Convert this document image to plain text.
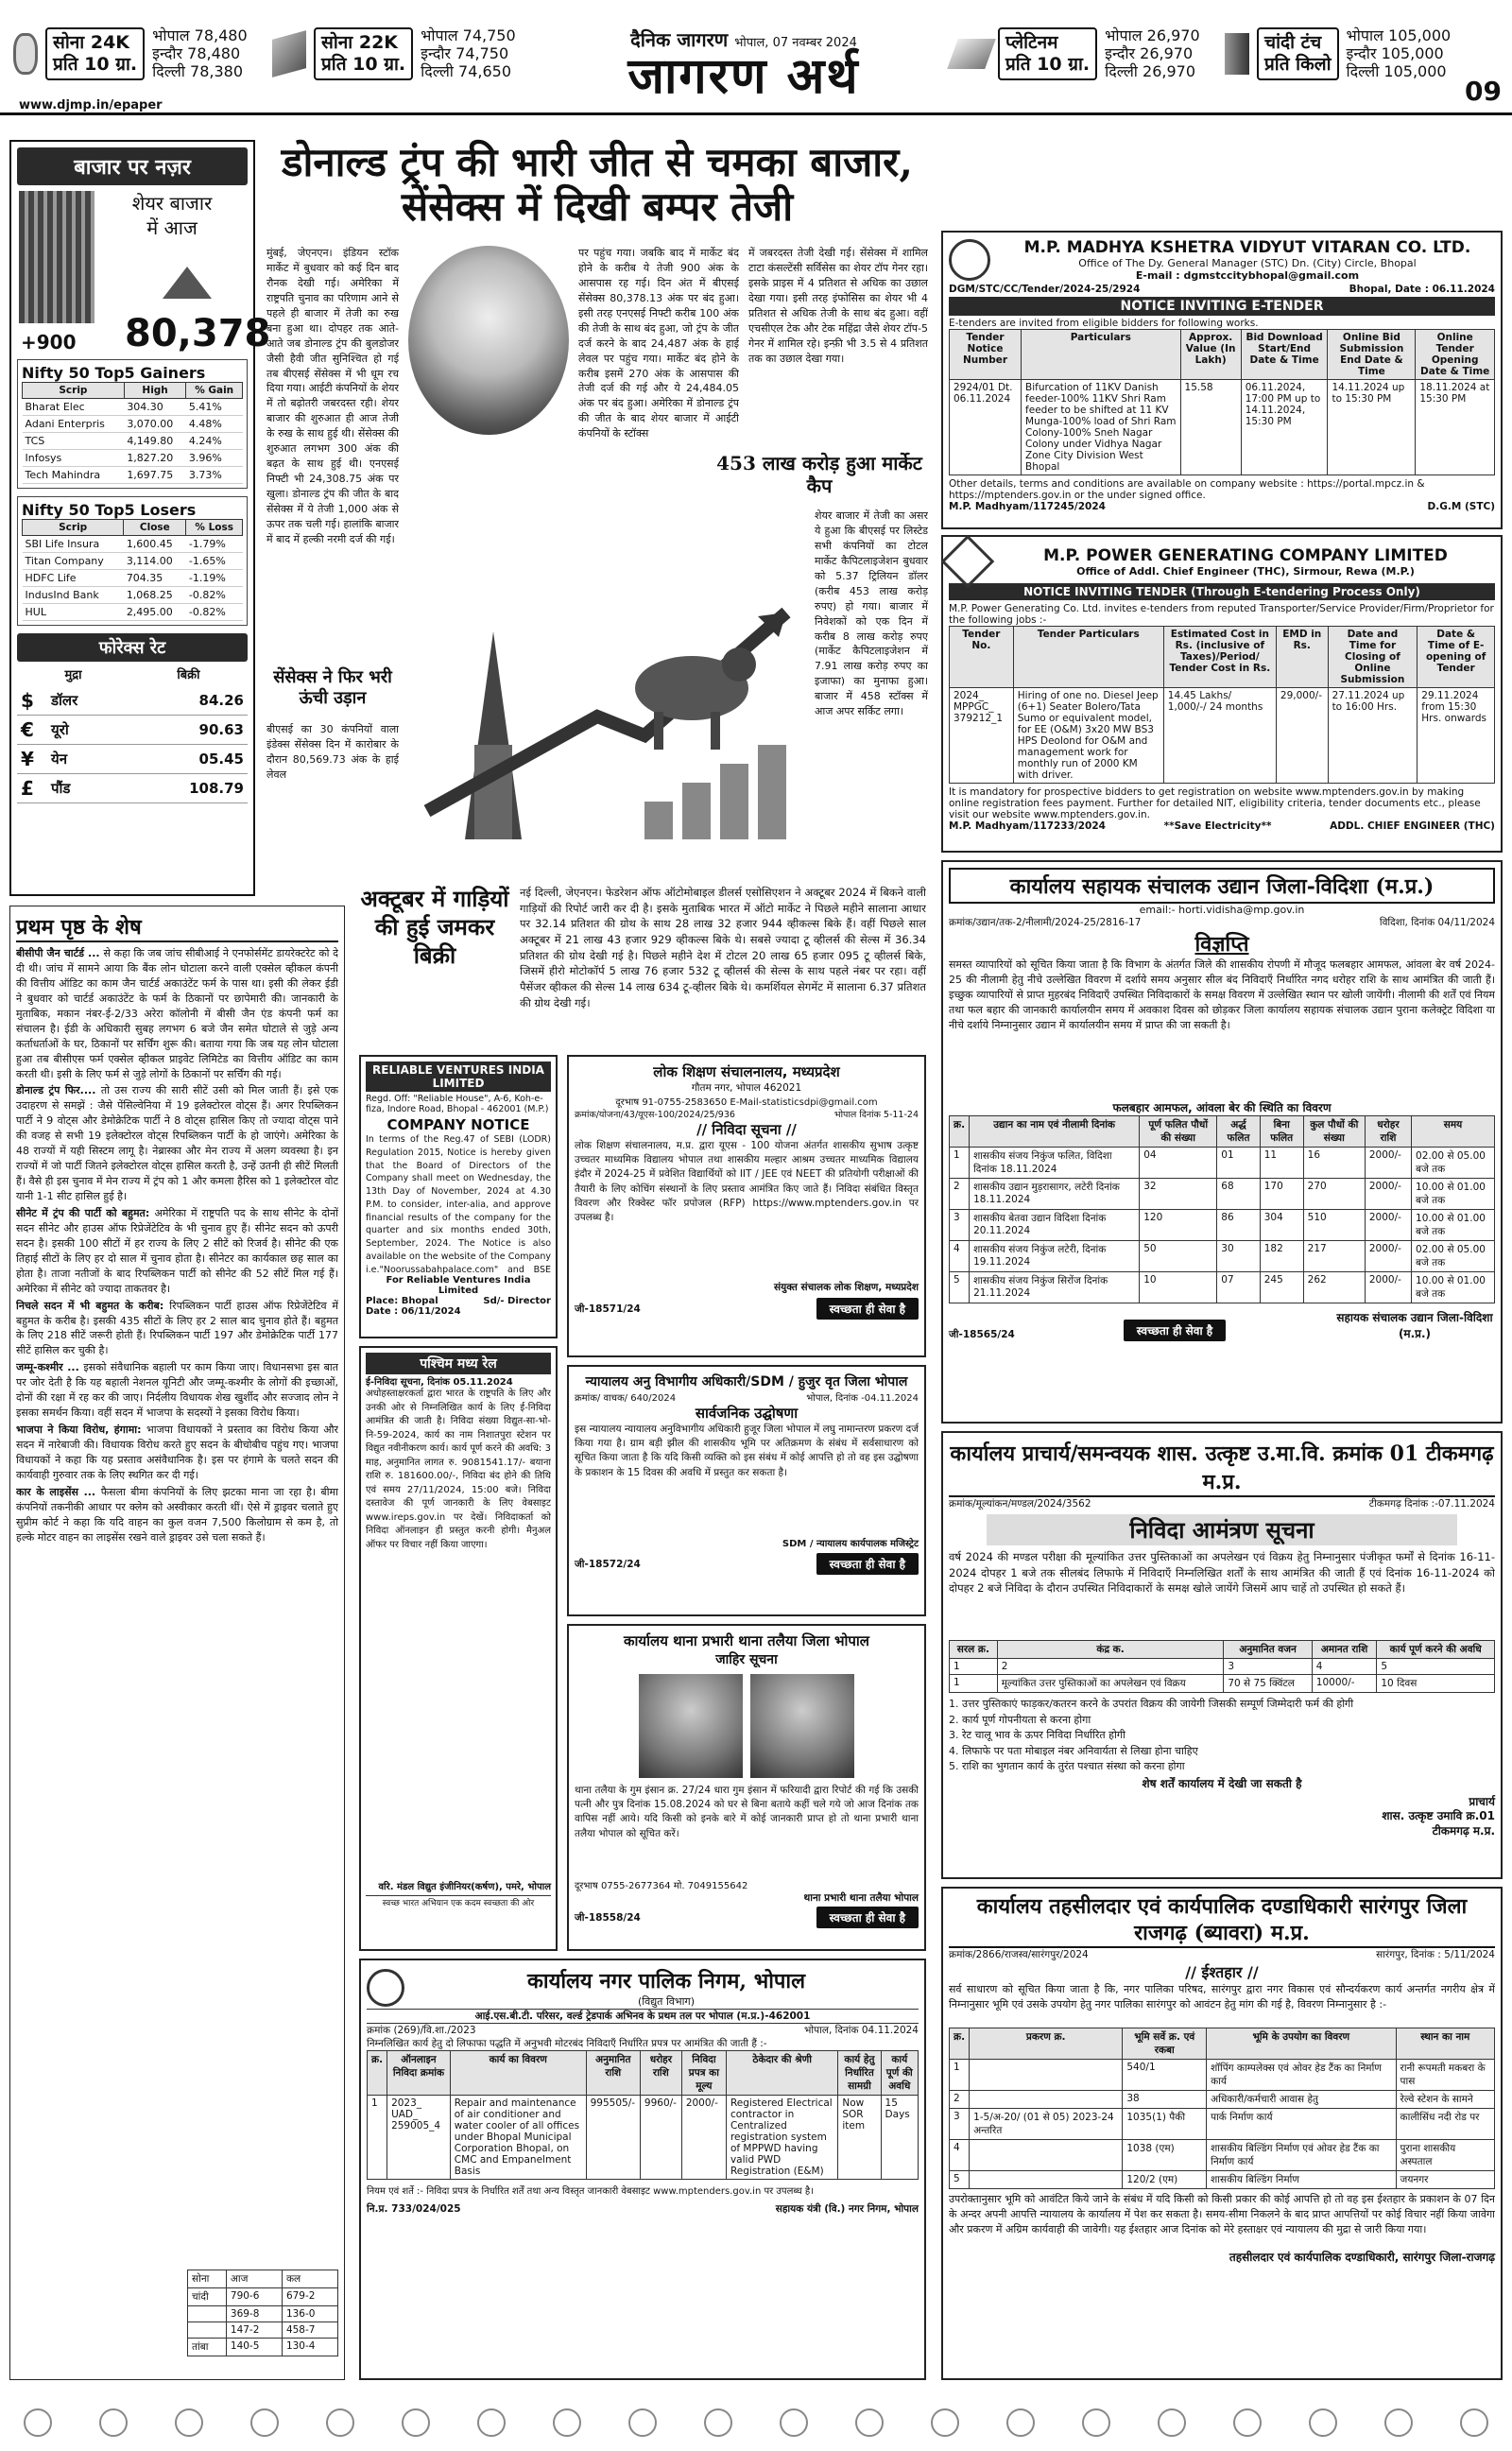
सोना 24K
प्रति 10 ग्रा.
भोपाल 78,480
इन्दौर 78,480
दिल्ली 78,380
सोना 22K
प्रति 10 ग्रा.
भोपाल 74,750
इन्दौर 74,750
दिल्ली 74,650
दैनिक जागरण भोपाल, 07 नवम्बर 2024
जागरण अर्थ
प्लेटिनम
प्रति 10 ग्रा.
भोपाल 26,970
इन्दौर 26,970
दिल्ली 26,970
चांदी टंच
प्रति किलो
भोपाल 105,000
इन्दौर 105,000
दिल्ली 105,000
www.djmp.in/epaper	09
बाजार पर नज़र
शेयर बाजार
में आज
+900 80,378
Nifty 50 Top5 Gainers
Scrip	High	% Gain
Bharat Elec	304.30	5.41%
Adani Enterpris	3,070.00	4.48%
TCS	4,149.80	4.24%
Infosys	1,827.20	3.96%
Tech Mahindra	1,697.75	3.73%
Nifty 50 Top5 Losers
Scrip	Close	% Loss
SBI Life Insura	1,600.45	-1.79%
Titan Company	3,114.00	-1.65%
HDFC Life	704.35	-1.19%
IndusInd Bank	1,068.25	-0.82%
HUL	2,495.00	-0.82%
फोरेक्स रेट
मुद्रा	बिक्री
$	डॉलर	84.26
€	यूरो	90.63
¥	येन	05.45
£	पौंड	108.79
डोनाल्ड ट्रंप की भारी जीत से चमका बाजार, सेंसेक्स में दिखी बम्पर तेजी
मुंबई, जेएनएन। इंडियन स्टॉक मार्केट में बुधवार को कई दिन बाद रौनक देखी गई। अमेरिका में राष्ट्रपति चुनाव का परिणाम आने से पहले ही बाजार में तेजी का रुख बना हुआ था। दोपहर तक आते-आते जब डोनाल्ड ट्रंप की बुलडोजर जैसी हैवी जीत सुनिश्चित हो गई तब बीएसई सेंसेक्स में भी धूम रच दिया गया। आईटी कंपनियों के शेयर में तो बढ़ोतरी जबरदस्त रही। शेयर बाजार की शुरुआत ही आज तेजी के रुख के साथ हुई थी। सेंसेक्स की शुरुआत लगभग 300 अंक की बढ़त के साथ हुई थी। एनएसई निफ्टी भी 24,308.75 अंक पर खुला। डोनाल्ड ट्रंप की जीत के बाद सेंसेक्स में ये तेजी 1,000 अंक से ऊपर तक चली गई। हालांकि बाजार में बाद में हल्की नरमी दर्ज की गई।
सेंसेक्स ने फिर भरी ऊंची उड़ान
बीएसई का 30 कंपनियों वाला इंडेक्स सेंसेक्स दिन में कारोबार के दौरान 80,569.73 अंक के हाई लेवल
पर पहुंच गया। जबकि बाद में मार्केट बंद होने के करीब ये तेजी 900 अंक के आसपास रह गई। दिन अंत में बीएसई सेंसेक्स 80,378.13 अंक पर बंद हुआ। इसी तरह एनएसई निफ्टी करीब 100 अंक की तेजी के साथ बंद हुआ, जो ट्रंप के जीत दर्ज करने के बाद 24,487 अंक के हाई लेवल पर पहुंच गया। मार्केट बंद होने के करीब इसमें 270 अंक के आसपास की तेजी दर्ज की गई और ये 24,484.05 अंक पर बंद हुआ। अमेरिका में डोनाल्ड ट्रंप की जीत के बाद शेयर बाजार में आईटी कंपनियों के स्टॉक्स
में जबरदस्त तेजी देखी गई। सेंसेक्स में शामिल टाटा कंसल्टेंसी सर्विसेस का शेयर टॉप गेनर रहा। इसके प्राइस में 4 प्रतिशत से अधिक का उछाल देखा गया। इसी तरह इंफोसिस का शेयर भी 4 प्रतिशत से अधिक तेजी के साथ बंद हुआ। वहीं एचसीएल टेक और टेक महिंद्रा जैसे शेयर टॉप-5 गेनर में शामिल रहे। इन्फ़ी भी 3.5 से 4 प्रतिशत तक का उछाल देखा गया।
453 लाख करोड़ हुआ मार्केट कैप
शेयर बाजार में तेजी का असर ये हुआ कि बीएसई पर लिस्टेड सभी कंपनियों का टोटल मार्केट कैपिटलाइजेशन बुधवार को 5.37 ट्रिलियन डॉलर (करीब 453 लाख करोड़ रुपए) हो गया। बाजार में निवेशकों को एक दिन में करीब 8 लाख करोड़ रुपए (मार्केट कैपिटलाइजेशन में 7.91 लाख करोड़ रुपए का इजाफा) का मुनाफा हुआ। बाजार में 458 स्टॉक्स में आज अपर सर्किट लगा।
अक्टूबर में गाड़ियों की हुई जमकर बिक्री
नई दिल्ली, जेएनएन। फेडरेशन ऑफ ऑटोमोबाइल डीलर्स एसोसिएशन ने अक्टूबर 2024 में बिकने वाली गाड़ियों की रिपोर्ट जारी कर दी है। इसके मुताबिक भारत में ऑटो मार्केट ने पिछले महीने सालाना आधार पर 32.14 प्रतिशत की ग्रोथ के साथ 28 लाख 32 हजार 944 व्हीकल्स बिके हैं। वहीं पिछले साल अक्टूबर में 21 लाख 43 हजार 929 व्हीकल्स बिके थे। सबसे ज्यादा टू व्हीलर्स की सेल्स में 36.34 प्रतिशत की ग्रोथ देखी गई है। पिछले महीने देश में टोटल 20 लाख 65 हजार 095 टू व्हीलर्स बिके, जिसमें हीरो मोटोकॉर्प 5 लाख 76 हजार 532 टू व्हीलर्स की सेल्स के साथ पहले नंबर पर रहा। वहीं पैसेंजर व्हीकल की सेल्स 14 लाख 634 टू-व्हीलर बिके थे। कमर्शियल सेगमेंट में सालाना 6.37 प्रतिशत की ग्रोथ देखी गई।
प्रथम पृष्ठ के शेष

बीसीपी जैन चार्टर्ड ... से कहा कि जब जांच सीबीआई ने एनफोर्समेंट डायरेक्टरेट को दे दी थी। जांच में सामने आया कि बैंक लोन घोटाला करने वाली एक्सेल व्हीकल कंपनी की वित्तीय ऑडिट का काम जैन चार्टर्ड अकाउंटेंट फर्म के पास था। इसी की लेकर ईडी ने बुधवार को चार्टर्ड अकाउंटेंट के फर्म के ठिकानों पर छापेमारी की। जानकारी के मुताबिक, मकान नंबर-ई-2/33 अरेरा कॉलोनी में बीसी जैन एंड कंपनी फर्म का संचालन है। ईडी के अधिकारी सुबह लगभग 6 बजे जैन समेत घोटाले से जुड़े अन्य कर्ताधर्ताओं के घर, ठिकानों पर सर्चिंग शुरू की। बताया गया कि जब यह लोन घोटाला हुआ तब बीसीएस फर्म एक्सेल व्हीकल प्राइवेट लिमिटेड का वित्तीय ऑडिट का काम करती थी। इसी के लिए फर्म से जुड़े लोगों के ठिकानों पर सर्चिंग की गई।

डोनाल्ड ट्रंप फिर.... तो उस राज्य की सारी सीटें उसी को मिल जाती हैं। इसे एक उदाहरण से समझें : जैसे पेंसिल्वेनिया में 19 इलेक्टोरल वोट्स हैं। अगर रिपब्लिकन पार्टी ने 9 वोट्स और डेमोक्रेटिक पार्टी ने 8 वोट्स हासिल किए तो ज्यादा वोट्स पाने की वजह से सभी 19 इलेक्टोरल वोट्स रिपब्लिकन पार्टी के हो जाएंगे। अमेरिका के 48 राज्यों में यही सिस्टम लागू है। नेब्रास्का और मेन राज्य में अलग व्यवस्था है। इन राज्यों में जो पार्टी जितने इलेक्टोरल वोट्स हासिल करती है, उन्हें उतनी ही सीटें मिलती हैं। वैसे ही इस चुनाव में मेन राज्य में ट्रंप को 1 और कमला हैरिस को 1 इलेक्टोरल वोट यानी 1-1 सीट हासिल हुई है।

सीनेट में ट्रंप की पार्टी को बहुमत: अमेरिका में राष्ट्रपति पद के साथ सीनेट के दोनों सदन सीनेट और हाउस ऑफ रिप्रेजेंटेटिव के भी चुनाव हुए हैं। सीनेट सदन को ऊपरी सदन है। इसकी 100 सीटों में हर राज्य के लिए 2 सीटें को रिजर्व है। सीनेट की एक तिहाई सीटों के लिए हर दो साल में चुनाव होता है। सीनेटर का कार्यकाल छह साल का होता है। ताजा नतीजों के बाद रिपब्लिकन पार्टी को सीनेट की 52 सीटें मिल गई हैं। अमेरिका में सीनेट को ज्यादा ताकतवर है।

निचले सदन में भी बहुमत के करीब: रिपब्लिकन पार्टी हाउस ऑफ रिप्रेजेंटेटिव में बहुमत के करीब है। इसकी 435 सीटों के लिए हर 2 साल बाद चुनाव होते हैं। बहुमत के लिए 218 सीटें जरूरी होती हैं। रिपब्लिकन पार्टी 197 और डेमोक्रेटिक पार्टी 177 सीटें हासिल कर चुकी है।

जम्मू-कश्मीर ... इसको संवैधानिक बहाली पर काम किया जाए। विधानसभा इस बात पर जोर देती है कि यह बहाली नेशनल यूनिटी और जम्मू-कश्मीर के लोगों की इच्छाओं, दोनों की रक्षा में रह कर की जाए। निर्दलीय विधायक शेख खुर्शीद और सज्जाद लोन ने इसका समर्थन किया। वहीं सदन में भाजपा के सदस्यों ने इसका विरोध किया।

भाजपा ने किया विरोध, हंगामा: भाजपा विधायकों ने प्रस्ताव का विरोध किया और सदन में नारेबाजी की। विधायक विरोध करते हुए सदन के बीचोबीच पहुंच गए। भाजपा विधायकों ने कहा कि यह प्रस्ताव असंवैधानिक है। इस पर हंगामे के चलते सदन की कार्यवाही गुरुवार तक के लिए स्थगित कर दी गई।

कार के लाइसेंस ... फैसला बीमा कंपनियों के लिए झटका माना जा रहा है। बीमा कंपनियों तकनीकी आधार पर क्लेम को अस्वीकार करती थीं। ऐसे में ड्राइवर चलाते हुए सुप्रीम कोर्ट ने कहा कि यदि वाहन का कुल वजन 7,500 किलोग्राम से कम है, तो हल्के मोटर वाहन का लाइसेंस रखने वाले ड्राइवर उसे चला सकते हैं।

सोना	आज	कल
चांदी	790-6	679-2
	369-8	136-0
	147-2	458-7
तांबा	140-5	130-4
M.P. MADHYA KSHETRA VIDYUT VITARAN CO. LTD.
Office of The Dy. General Manager (STC) Dn. (City) Circle, Bhopal
E-mail : dgmstccitybhopal@gmail.com
DGM/STC/CC/Tender/2024-25/2924	Bhopal, Date : 06.11.2024
NOTICE INVITING E-TENDER
E-tenders are invited from eligible bidders for following works.
Tender Notice Number	Particulars	Approx. Value (In Lakh)	Bid Download Start/End Date & Time	Online Bid Submission End Date & Time	Online Tender Opening Date & Time
2924/01 Dt. 06.11.2024	Bifurcation of 11KV Danish feeder-100% 11KV Shri Ram feeder to be shifted at 11 KV Munga-100% load of Shri Ram Colony-100% Sneh Nagar Colony under Vidhya Nagar Zone City Division West Bhopal	15.58	06.11.2024, 17:00 PM up to 14.11.2024, 15:30 PM	14.11.2024 up to 15:30 PM	18.11.2024 at 15:30 PM
Other details, terms and conditions are available on company website : https://portal.mpcz.in & https://mptenders.gov.in or the under signed office.
M.P. Madhyam/117245/2024	D.G.M (STC)
M.P. POWER GENERATING COMPANY LIMITED
Office of Addl. Chief Engineer (THC), Sirmour, Rewa (M.P.)
NOTICE INVITING TENDER (Through E-tendering Process Only)
M.P. Power Generating Co. Ltd. invites e-tenders from reputed Transporter/Service Provider/Firm/Proprietor for the following jobs :-
Tender No.	Tender Particulars	Estimated Cost in Rs. (inclusive of Taxes)/Period/ Tender Cost in Rs.	EMD in Rs.	Date and Time for Closing of Online Submission	Date & Time of E-opening of Tender
2024_ MPPGC_ 379212_1	Hiring of one no. Diesel Jeep (6+1) Seater Bolero/Tata Sumo or equivalent model, for EE (O&M) 3x20 MW BS3 HPS Deolond for O&M and management work for monthly run of 2000 KM with driver.	14.45 Lakhs/ 1,000/-/ 24 months	29,000/-	27.11.2024 up to 16:00 Hrs.	29.11.2024 from 15:30 Hrs. onwards
It is mandatory for prospective bidders to get registration on website www.mptenders.gov.in by making online registration fees payment. Further for detailed NIT, eligibility criteria, tender documents etc., please visit our website www.mptenders.gov.in.
M.P. Madhyam/117233/2024	**Save Electricity**	ADDL. CHIEF ENGINEER (THC)
कार्यालय सहायक संचालक उद्यान जिला-विदिशा (म.प्र.)
email:- horti.vidisha@mp.gov.in
क्रमांक/उद्यान/तक-2/नीलामी/2024-25/2816-17	विदिशा, दिनांक 04/11/2024
विज्ञप्ति
समस्त व्यापारियों को सूचित किया जाता है कि विभाग के अंतर्गत जिले की शासकीय रोपणी में मौजूद फलबहार आमफल, आंवला बेर वर्ष 2024-25 की नीलामी हेतु नीचे उल्लेखित विवरण में दर्शाये समय अनुसार सील बंद निविदाएँ निर्धारित नगद धरोहर राशि के साथ आमंत्रित की जाती हैं। इच्छुक व्यापारियों से प्राप्त मुहरबंद निविदाएँ उपस्थित निविदाकारों के समक्ष विवरण में उल्लेखित स्थान पर खोली जायेंगी। नीलामी की शर्तें एवं नियम तथा फल बहार की जानकारी कार्यालयीन समय में अवकाश दिवस को छोड़कर जिला कार्यालय सहायक संचालक उद्यान पुराना कलेक्ट्रेट विदिशा या नीचे दर्शाये निम्नानुसार उद्यान में कार्यालयीन समय में प्राप्त की जा सकती है।
फलबहार आमफल, आंवला बेर की स्थिति का विवरण
क्र.	उद्यान का नाम एवं नीलामी दिनांक	पूर्ण फलित पौधों की संख्या	अर्द्ध फलित	बिना फलित	कुल पौधों की संख्या	धरोहर राशि	समय
1	शासकीय संजय निकुंज फलित, विदिशा दिनांक 18.11.2024	04	01	11	16	2000/-	02.00 से 05.00 बजे तक
2	शासकीय उद्यान मुड़रासागर, लटेरी दिनांक 18.11.2024	32	68	170	270	2000/-	10.00 से 01.00 बजे तक
3	शासकीय बेतवा उद्यान विदिशा दिनांक 20.11.2024	120	86	304	510	2000/-	10.00 से 01.00 बजे तक
4	शासकीय संजय निकुंज लटेरी, दिनांक 19.11.2024	50	30	182	217	2000/-	02.00 से 05.00 बजे तक
5	शासकीय संजय निकुंज सिरोंज दिनांक 21.11.2024	10	07	245	262	2000/-	10.00 से 01.00 बजे तक
जी-18565/24	स्वच्छता ही सेवा है
सहायक संचालक उद्यान जिला-विदिशा (म.प्र.)
कार्यालय प्राचार्य/समन्वयक शास. उत्कृष्ट उ.मा.वि. क्रमांक 01 टीकमगढ़ म.प्र.
क्रमांक/मूल्यांकन/मण्डल/2024/3562	टीकमगढ़ दिनांक :-07.11.2024
निविदा आमंत्रण सूचना
वर्ष 2024 की मण्डल परीक्षा की मूल्यांकित उत्तर पुस्तिकाओं का अपलेखन एवं विक्रय हेतु निम्नानुसार पंजीकृत फर्मों से दिनांक 16-11-2024 दोपहर 1 बजे तक सीलबंद लिफाफे में निविदाएँ निम्नलिखित शर्तों के साथ आमंत्रित की जाती हैं एवं दिनांक 16-11-2024 को दोपहर 2 बजे निविदा के दौरान उपस्थित निविदाकारों के समक्ष खोले जायेंगे जिसमें आप चाहें तो उपस्थित हो सकते हैं।
सरल क्र.	कंद्र क.	अनुमानित वजन	अमानत राशि	कार्य पूर्ण करने की अवधि
1	2	3	4	5
1	मूल्यांकित उत्तर पुस्तिकाओं का अपलेखन एवं विक्रय	70 से 75 क्विंटल	10000/-	10 दिवस
1. उत्तर पुस्तिकाएं फाड़कर/कतरन करने के उपरांत विक्रय की जायेगी जिसकी सम्पूर्ण जिम्मेदारी फर्म की होगी
2. कार्य पूर्ण गोपनीयता से करना होगा
3. रेट चालू भाव के ऊपर निविदा निर्धारित होगी
4. लिफाफे पर पता मोबाइल नंबर अनिवार्यता से लिखा होना चाहिए
5. राशि का भुगतान कार्य के तुरंत पश्चात संस्था को करना होगा
शेष शर्तें कार्यालय में देखी जा सकती है
प्राचार्य
शास. उत्कृष्ट उमावि क्र.01
टीकमगढ़ म.प्र.
कार्यालय तहसीलदार एवं कार्यपालिक दण्डाधिकारी सारंगपुर जिला राजगढ़ (ब्यावरा) म.प्र.
क्रमांक/2866/राजस्व/सारंगपुर/2024	सारंगपुर, दिनांक : 5/11/2024
// ईश्तहार //
सर्व साधारण को सूचित किया जाता है कि, नगर पालिका परिषद, सारंगपुर द्वारा नगर विकास एवं सौन्दर्यकरण कार्य अन्तर्गत नगरीय क्षेत्र में निम्नानुसार भूमि एवं उसके उपयोग हेतु नगर पालिका सारंगपुर को आवंटन हेतु मांग की गई है, विवरण निम्नानुसार है :-
क्र.	प्रकरण क्र.	भूमि सर्वे क्र. एवं रकबा	भूमि के उपयोग का विवरण	स्थान का नाम
1		540/1	शॉपिंग काम्पलेक्स एवं ओवर हेड टैंक का निर्माण कार्य	रानी रूपमती मकबरा के पास
2		38	अधिकारी/कर्मचारी आवास हेतु	रेल्वे स्टेशन के सामने
3	1-5/अ-20/ (01 से 05) 2023-24 अन्तरित	1035(1) पैकी	पार्क निर्माण कार्य	कालीसिंध नदी रोड पर
4		1038 (एम)	शासकीय बिल्डिंग निर्माण एवं ओवर हेड टैंक का निर्माण कार्य	पुराना शासकीय अस्पताल
5		120/2 (एम)	शासकीय बिल्डिंग निर्माण	जयनगर
उपरोक्तानुसार भूमि को आवंटित किये जाने के संबंध में यदि किसी को किसी प्रकार की कोई आपत्ति हो तो वह इस ईश्तहार के प्रकाशन के 07 दिन के अन्दर अपनी आपत्ति न्यायालय के कार्यालय में पेश कर सकता है। समय-सीमा निकलने के बाद प्राप्त आपत्तियों पर कोई विचार नहीं किया जावेगा और प्रकरण में अग्रिम कार्यवाही की जावेगी। यह ईश्तहार आज दिनांक को मेरे हस्ताक्षर एवं न्यायालय की मुद्रा से जारी किया गया।
तहसीलदार एवं कार्यपालिक दण्डाधिकारी, सारंगपुर जिला-राजगढ़
RELIABLE VENTURES INDIA LIMITED
Regd. Off: "Reliable House", A-6, Koh-e-fiza, Indore Road, Bhopal - 462001 (M.P.)
COMPANY NOTICE
In terms of the Reg.47 of SEBI (LODR) Regulation 2015, Notice is hereby given that the Board of Directors of the Company shall meet on Wednesday, the 13th Day of November, 2024 at 4.30 P.M. to consider, inter-alia, and approve financial results of the company for the quarter and six months ended 30th, September, 2024. The Notice is also available on the website of the Company i.e."Noorussabahpalace.com" and BSE
For Reliable Ventures India Limited
Place: Bhopal
Date : 06/11/2024
Sd/- Director
लोक शिक्षण संचालनालय, मध्यप्रदेश
गौतम नगर, भोपाल 462021
दूरभाष 91-0755-2583650 E-Mail-statisticsdpi@gmail.com
क्रमांक/योजना/43/यूएस-100/2024/25/936	भोपाल दिनांक 5-11-24
// निविदा सूचना //
लोक शिक्षण संचालनालय, म.प्र. द्वारा यूएस - 100 योजना अंतर्गत शासकीय सुभाष उत्कृष्ट उच्चतर माध्यमिक विद्यालय भोपाल तथा शासकीय मल्हार आश्रम उच्चतर माध्यमिक विद्यालय इंदौर में 2024-25 में प्रवेशित विद्यार्थियों को IIT / JEE एवं NEET की प्रतियोगी परीक्षाओं की तैयारी के लिए कोचिंग संस्थानों के लिए प्रस्ताव आमंत्रित किए जाते हैं। निविदा संबंधित विस्तृत विवरण और रिक्वेस्ट फॉर प्रपोजल (RFP) https://www.mptenders.gov.in पर उपलब्ध है।
संयुक्त संचालक लोक शिक्षण, मध्यप्रदेश
जी-18571/24	स्वच्छता ही सेवा है
पश्चिम मध्य रेल
ई-निविदा सूचना, दिनांक 05.11.2024
अधोहस्ताक्षरकर्ता द्वारा भारत के राष्ट्रपति के लिए और उनकी ओर से निम्नलिखित कार्य के लिए ई-निविदा आमंत्रित की जाती है। निविदा संख्या विद्युत-सा-भो-नि-59-2024, कार्य का नाम निशातपुरा स्टेशन पर विद्युत नवीनीकरण कार्य। कार्य पूर्ण करने की अवधि: 3 माह, अनुमानित लागत रु. 9081541.17/- बयाना राशि रु. 181600.00/-, निविदा बंद होने की तिथि एवं समय 27/11/2024, 15:00 बजे। निविदा दस्तावेज की पूर्ण जानकारी के लिए वेबसाइट www.ireps.gov.in पर देखें। निविदाकर्ता को निविदा ऑनलाइन ही प्रस्तुत करनी होगी। मैनुअल ऑफर पर विचार नहीं किया जाएगा।
वरि. मंडल विद्युत इंजीनियर(कर्षण), पमरे, भोपाल
स्वच्छ भारत अभियान एक कदम स्वच्छता की ओर
न्यायालय अनु विभागीय अधिकारी/SDM / हुजुर वृत जिला भोपाल
क्रमांक/ वाचक/ 640/2024	भोपाल, दिनांक -04.11.2024
सार्वजनिक उद्घोषणा
इस न्यायालय न्यायालय अनुविभागीय अधिकारी हुजूर जिला भोपाल में लघु नामान्तरण प्रकरण दर्ज किया गया है। ग्राम बड़ी झील की शासकीय भूमि पर अतिक्रमण के संबंध में सर्वसाधारण को सूचित किया जाता है कि यदि किसी व्यक्ति को इस संबंध में कोई आपत्ति हो तो वह इस उद्घोषणा के प्रकाशन के 15 दिवस की अवधि में प्रस्तुत कर सकता है।
SDM / न्यायालय कार्यपालक मजिस्ट्रेट
जी-18572/24	स्वच्छता ही सेवा है
कार्यालय थाना प्रभारी थाना तलैया जिला भोपाल
जाहिर सूचना
थाना तलैया के गुम इंसान क्र. 27/24 धारा गुम इंसान में फरियादी द्वारा रिपोर्ट की गई कि उसकी पत्नी और पुत्र दिनांक 15.08.2024 को घर से बिना बताये कहीं चले गये जो आज दिनांक तक वापिस नहीं आये। यदि किसी को इनके बारे में कोई जानकारी प्राप्त हो तो थाना प्रभारी थाना तलैया भोपाल को सूचित करें।
दूरभाष 0755-2677364 मो. 7049155642
थाना प्रभारी थाना तलैया भोपाल
जी-18558/24	स्वच्छता ही सेवा है
कार्यालय नगर पालिक निगम, भोपाल
(विद्युत विभाग)
आई.एस.बी.टी. परिसर, वर्ल्ड ट्रेडपार्क अभिनव के प्रथम तल पर भोपाल (म.प्र.)-462001
क्रमांक (269)/वि.शा./2023	भोपाल, दिनांक 04.11.2024
निम्नलिखित कार्य हेतु दो लिफाफा पद्धति में अनुभवी मोटरबंद निविदाएँ निर्धारित प्रपत्र पर आमंत्रित की जाती हैं :-
क्र.	ऑनलाइन निविदा क्रमांक	कार्य का विवरण	अनुमानित राशि	धरोहर राशि	निविदा प्रपत्र का मूल्य	ठेकेदार की श्रेणी	कार्य हेतु निर्धारित सामग्री	कार्य पूर्ण की अवधि
1	2023_ UAD_ 259005_4	Repair and maintenance of air conditioner and water cooler of all offices under Bhopal Municipal Corporation Bhopal, on CMC and Empanelment Basis	995505/-	9960/-	2000/-	Registered Electrical contractor in Centralized registration system of MPPWD having valid PWD Registration (E&M)	Now SOR item	15 Days
नियम एवं शर्ते :- निविदा प्रपत्र के निर्धारित शर्तें तथा अन्य विस्तृत जानकारी वेबसाइट www.mptenders.gov.in पर उपलब्ध है।
नि.प्र. 733/024/025	सहायक यंत्री (वि.) नगर निगम, भोपाल
